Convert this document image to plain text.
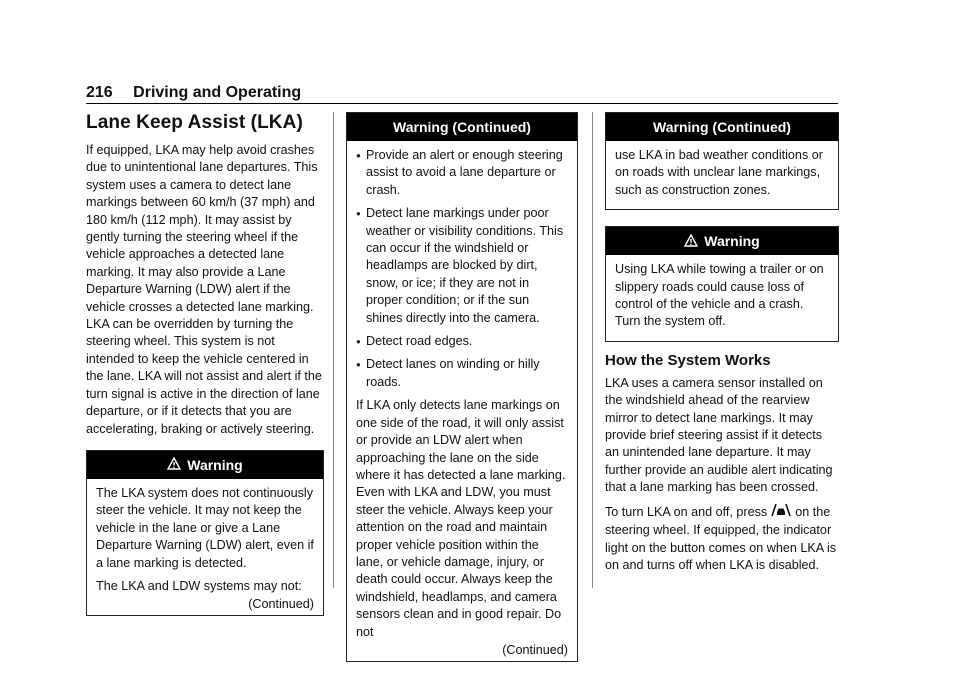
216 Driving and Operating
Lane Keep Assist (LKA)

If equipped, LKA may help avoid crashes due to unintentional lane departures. This system uses a camera to detect lane markings between 60 km/h (37 mph) and 180 km/h (112 mph). It may assist by gently turning the steering wheel if the vehicle approaches a detected lane marking. It may also provide a Lane Departure Warning (LDW) alert if the vehicle crosses a detected lane marking. LKA can be overridden by turning the steering wheel. This system is not intended to keep the vehicle centered in the lane. LKA will not assist and alert if the turn signal is active in the direction of lane departure, or if it detects that you are accelerating, braking or actively steering.

Warning

The LKA system does not continuously steer the vehicle. It may not keep the vehicle in the lane or give a Lane Departure Warning (LDW) alert, even if a lane marking is detected.

The LKA and LDW systems may not:

(Continued)
Warning (Continued)
● Provide an alert or enough steering assist to avoid a lane departure or crash.
● Detect lane markings under poor weather or visibility conditions. This can occur if the windshield or headlamps are blocked by dirt, snow, or ice; if they are not in proper condition; or if the sun shines directly into the camera.
● Detect road edges.
● Detect lanes on winding or hilly roads.

If LKA only detects lane markings on one side of the road, it will only assist or provide an LDW alert when approaching the lane on the side where it has detected a lane marking. Even with LKA and LDW, you must steer the vehicle. Always keep your attention on the road and maintain proper vehicle position within the lane, or vehicle damage, injury, or death could occur. Always keep the windshield, headlamps, and camera sensors clean and in good repair. Do not

(Continued)
Warning (Continued)

use LKA in bad weather conditions or on roads with unclear lane markings, such as construction zones.

Warning

Using LKA while towing a trailer or on slippery roads could cause loss of control of the vehicle and a crash. Turn the system off.

How the System Works

LKA uses a camera sensor installed on the windshield ahead of the rearview mirror to detect lane markings. It may provide brief steering assist if it detects an unintended lane departure. It may further provide an audible alert indicating that a lane marking has been crossed.

To turn LKA on and off, press on the steering wheel. If equipped, the indicator light on the button comes on when LKA is on and turns off when LKA is disabled.
